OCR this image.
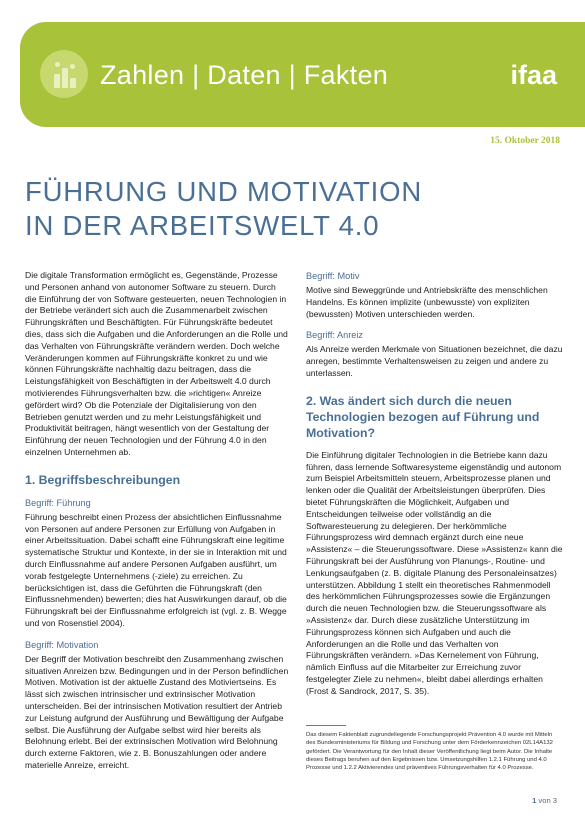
Zahlen | Daten | Fakten	ifaa
15. Oktober 2018
FÜHRUNG UND MOTIVATION
IN DER ARBEITSWELT 4.0

Die digitale Transformation ermöglicht es, Gegenstände, Prozesse und Personen anhand von autonomer Software zu steuern. Durch die Einführung der von Software gesteuerten, neuen Technologien in der Betriebe verändert sich auch die Zusammenarbeit zwischen Führungskräften und Beschäftigten. Für Führungskräfte bedeutet dies, dass sich die Aufgaben und die Anforderungen an die Rolle und das Verhalten von Führungskräfte verändern werden. Doch welche Veränderungen kommen auf Führungskräfte konkret zu und wie können Führungskräfte nachhaltig dazu beitragen, dass die Leistungsfähigkeit von Beschäftigten in der Arbeitswelt 4.0 durch motivierendes Führungsverhalten bzw. die »richtigen« Anreize gefördert wird? Ob die Potenziale der Digitalisierung von den Betrieben genutzt werden und zu mehr Leistungsfähigkeit und Produktivität beitragen, hängt wesentlich von der Gestaltung der Einführung der neuen Technologien und der Führung 4.0 in den einzelnen Unternehmen ab.

1. Begriffsbeschreibungen
Begriff: Führung

Führung beschreibt einen Prozess der absichtlichen Einflussnahme von Personen auf andere Personen zur Erfüllung von Aufgaben in einer Arbeitssituation. Dabei schafft eine Führungskraft eine legitime systematische Struktur und Kontexte, in der sie in Interaktion mit und durch Einflussnahme auf andere Personen Aufgaben ausführt, um vorab festgelegte Unternehmens (-ziele) zu erreichen. Zu berücksichtigen ist, dass die Geführten die Führungskraft (den Einflussnehmenden) bewerten; dies hat Auswirkungen darauf, ob die Führungskraft bei der Einflussnahme erfolgreich ist (vgl. z. B. Wegge und von Rosenstiel 2004).

Begriff: Motivation

Der Begriff der Motivation beschreibt den Zusammenhang zwischen situativen Anreizen bzw. Bedingungen und in der Person befindlichen Motiven. Motivation ist der aktuelle Zustand des Motiviertseins. Es lässt sich zwischen intrinsischer und extrinsischer Motivation unterscheiden. Bei der intrinsischen Motivation resultiert der Antrieb zur Leistung aufgrund der Ausführung und Bewältigung der Aufgabe selbst. Die Ausführung der Aufgabe selbst wird hier bereits als Belohnung erlebt. Bei der extrinsischen Motivation wird Belohnung durch externe Faktoren, wie z. B. Bonuszahlungen oder andere materielle Anreize, erreicht.

Begriff: Motiv

Motive sind Beweggründe und Antriebskräfte des menschlichen Handelns. Es können implizite (unbewusste) von expliziten (bewussten) Motiven unterschieden werden.

Begriff: Anreiz

Als Anreize werden Merkmale von Situationen bezeichnet, die dazu anregen, bestimmte Verhaltensweisen zu zeigen und andere zu unterlassen.

2. Was ändert sich durch die neuen Technologien bezogen auf Führung und Motivation?

Die Einführung digitaler Technologien in die Betriebe kann dazu führen, dass lernende Softwaresysteme eigenständig und autonom zum Beispiel Arbeitsmitteln steuern, Arbeitsprozesse planen und lenken oder die Qualität der Arbeitsleistungen überprüfen. Dies bietet Führungskräften die Möglichkeit, Aufgaben und Entscheidungen teilweise oder vollständig an die Softwaresteuerung zu delegieren. Der herkömmliche Führungsprozess wird demnach ergänzt durch eine neue »Assistenz« – die Steuerungssoftware. Diese »Assistenz« kann die Führungskraft bei der Ausführung von Planungs-, Routine- und Lenkungsaufgaben (z. B. digitale Planung des Personaleinsatzes) unterstützen. Abbildung 1 stellt ein theoretisches Rahmenmodell des herkömmlichen Führungsprozesses sowie die Ergänzungen durch die neuen Technologien bzw. die Steuerungssoftware als »Assistenz« dar. Durch diese zusätzliche Unterstützung im Führungsprozess können sich Aufgaben und auch die Anforderungen an die Rolle und das Verhalten von Führungskräften verändern. »Das Kernelement von Führung, nämlich Einfluss auf die Mitarbeiter zur Erreichung zuvor festgelegter Ziele zu nehmen«, bleibt dabei allerdings erhalten (Frost & Sandrock, 2017, S. 35).

Das diesem Faktenblatt zugrundeliegende Forschungsprojekt Prävention 4.0 wurde mit Mitteln des Bundesministeriums für Bildung und Forschung unter dem Förderkennzeichen 02L14A132 gefördert. Die Verantwortung für den Inhalt dieser Veröffentlichung liegt beim Autor. Die Inhalte dieses Beitrags beruhen auf den Ergebnissen bzw. Umsetzungshilfen 1.2.1 Führung und 4.0 Prozesse und 1.2.2 Aktivierendes und präventives Führungsverhalten für 4.0 Prozesse.
1 von 3
